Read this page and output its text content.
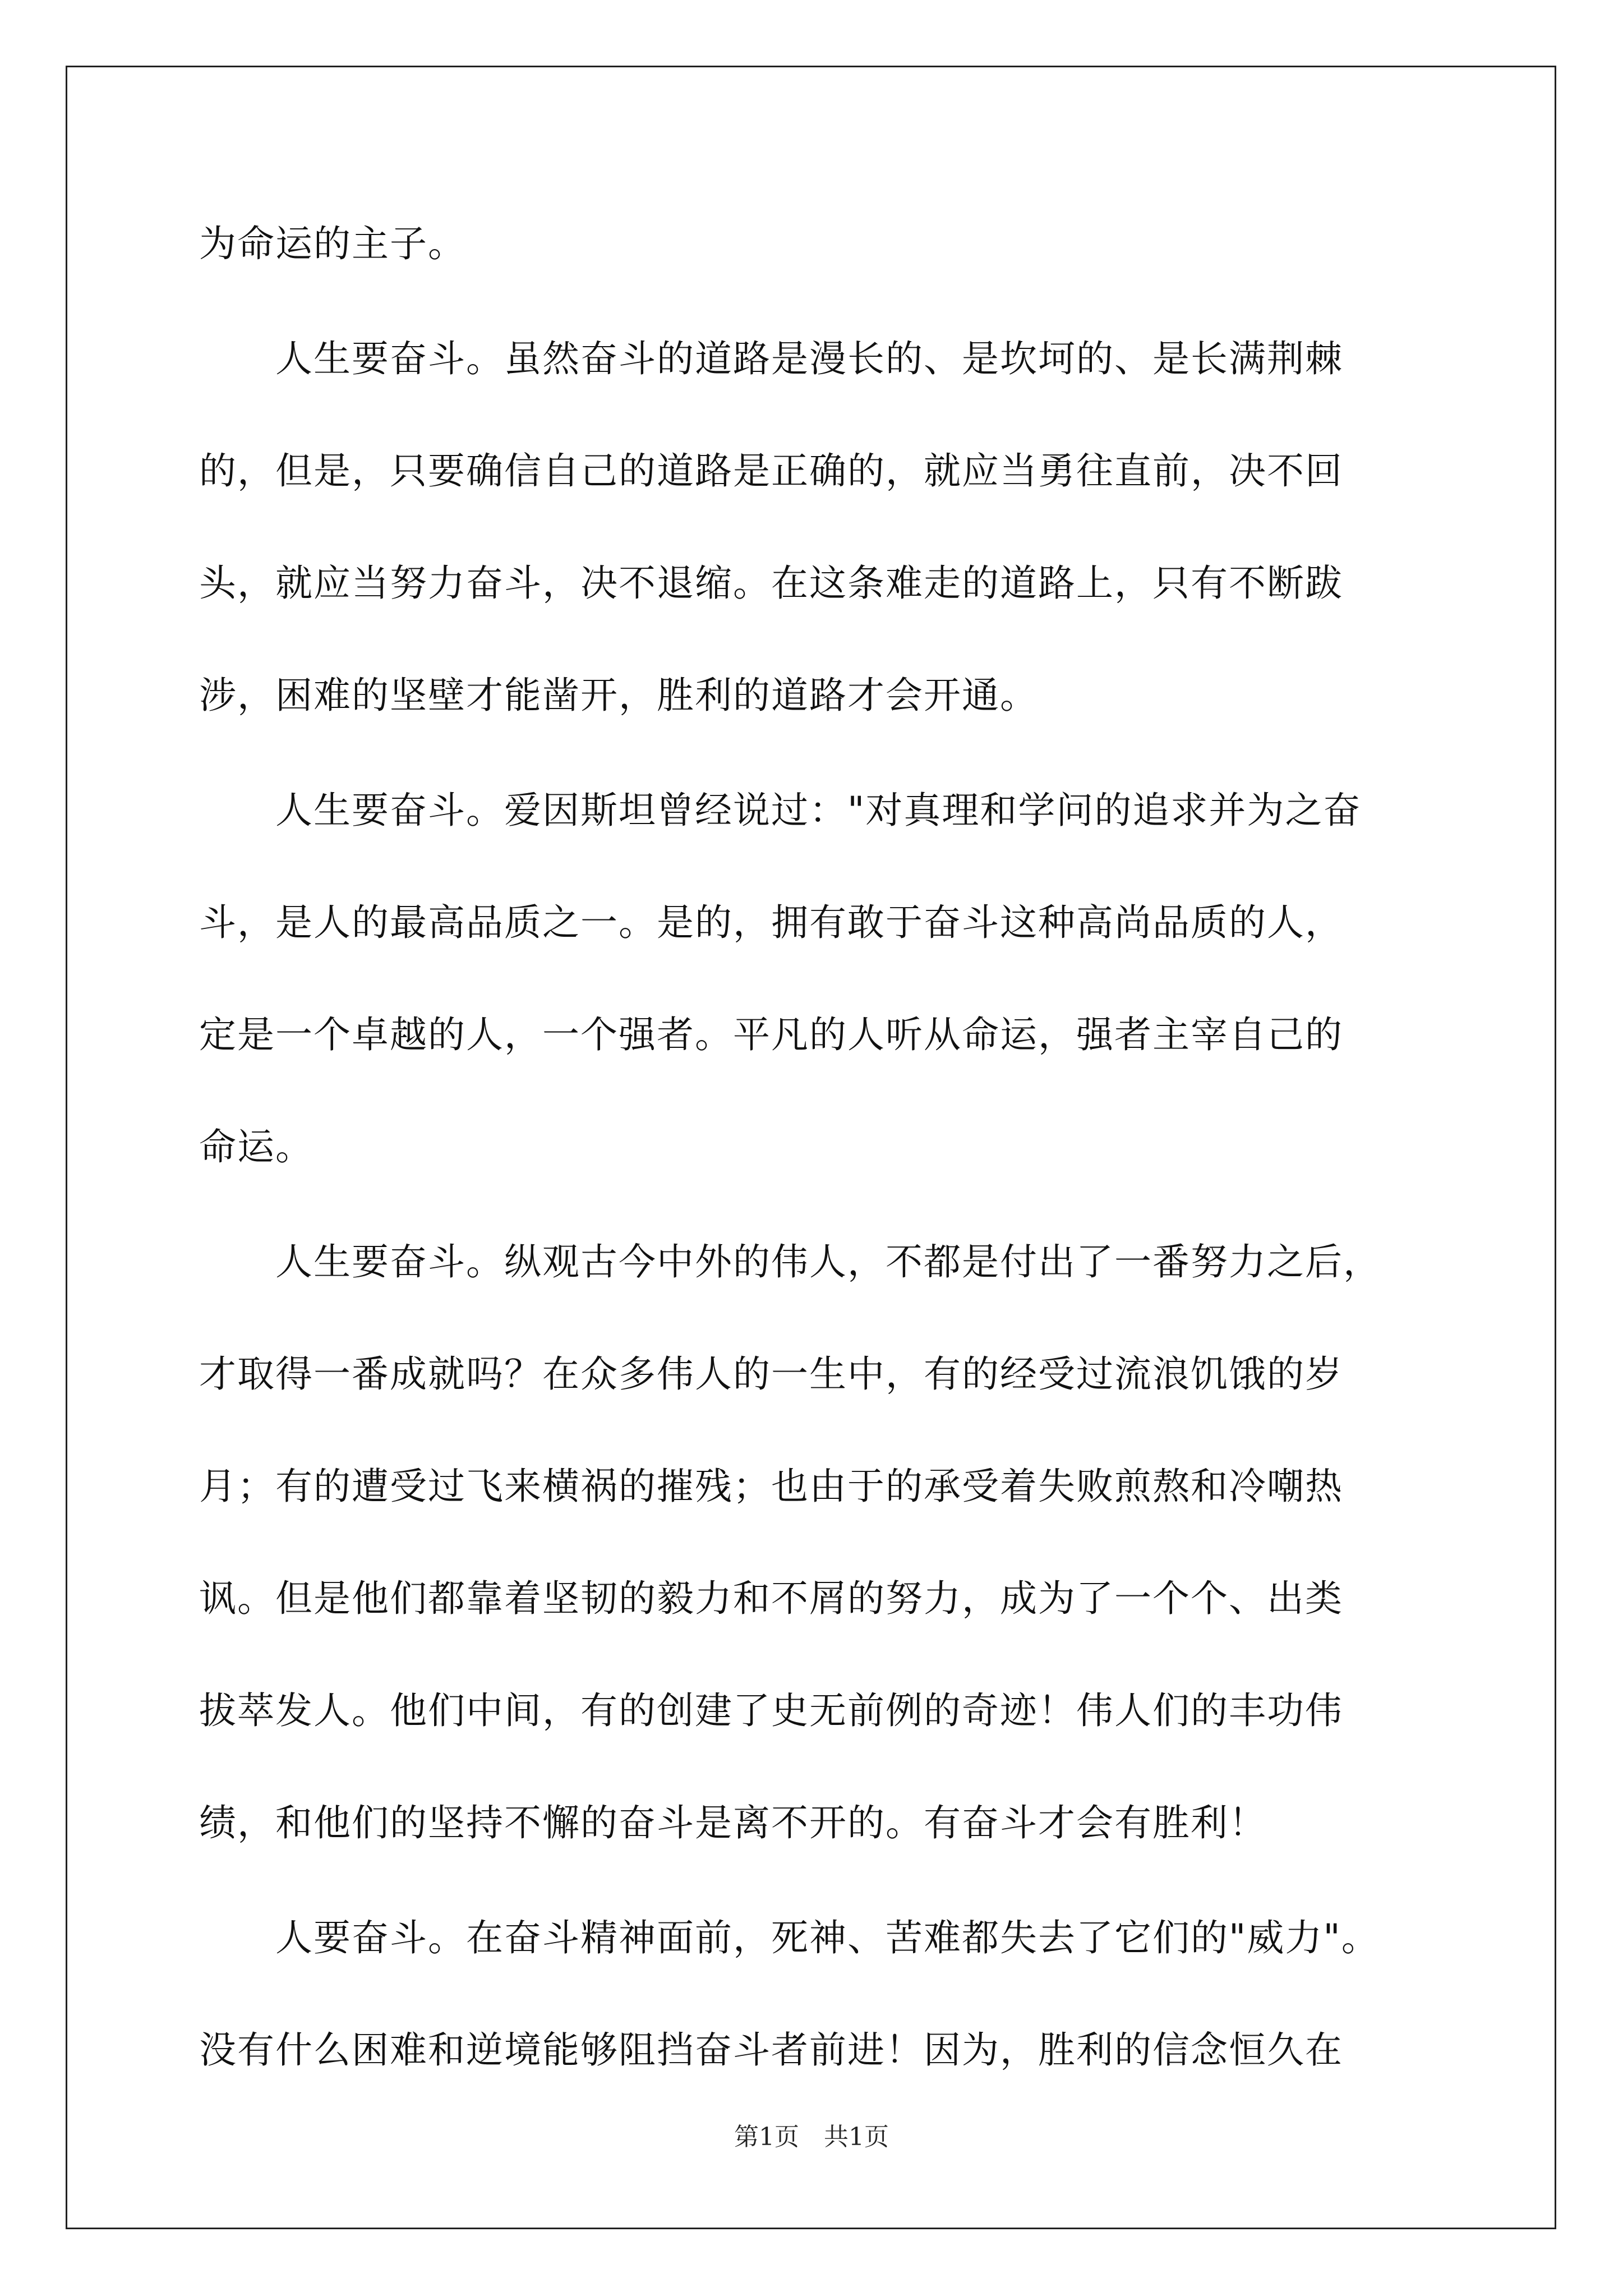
为命运的主子。
　　人生要奋斗。虽然奋斗的道路是漫长的、是坎坷的、是长满荆棘
的，但是，只要确信自己的道路是正确的，就应当勇往直前，决不回
头，就应当努力奋斗，决不退缩。在这条难走的道路上，只有不断跋
涉，困难的坚壁才能凿开，胜利的道路才会开通。
　　人生要奋斗。爱因斯坦曾经说过："对真理和学问的追求并为之奋
斗，是人的最高品质之一。是的，拥有敢于奋斗这种高尚品质的人，
定是一个卓越的人，一个强者。平凡的人听从命运，强者主宰自己的
命运。
　　人生要奋斗。纵观古今中外的伟人，不都是付出了一番努力之后，
才取得一番成就吗？在众多伟人的一生中，有的经受过流浪饥饿的岁
月；有的遭受过飞来横祸的摧残；也由于的承受着失败煎熬和冷嘲热
讽。但是他们都靠着坚韧的毅力和不屑的努力，成为了一个个、出类
拔萃发人。他们中间，有的创建了史无前例的奇迹！伟人们的丰功伟
绩，和他们的坚持不懈的奋斗是离不开的。有奋斗才会有胜利！
　　人要奋斗。在奋斗精神面前，死神、苦难都失去了它们的"威力"。
没有什么困难和逆境能够阻挡奋斗者前进！因为，胜利的信念恒久在
第1页　共1页
